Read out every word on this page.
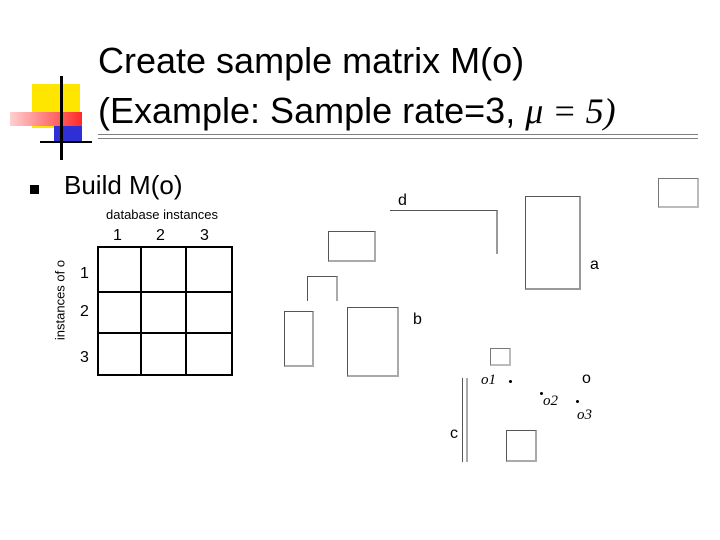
Create sample matrix M(o)
(Example: Sample rate=3, μ = 5)
Build M(o)
database instances
instances of o
1 2 3
1
2
3
d
a
b
c
o
o1
o2
o3
